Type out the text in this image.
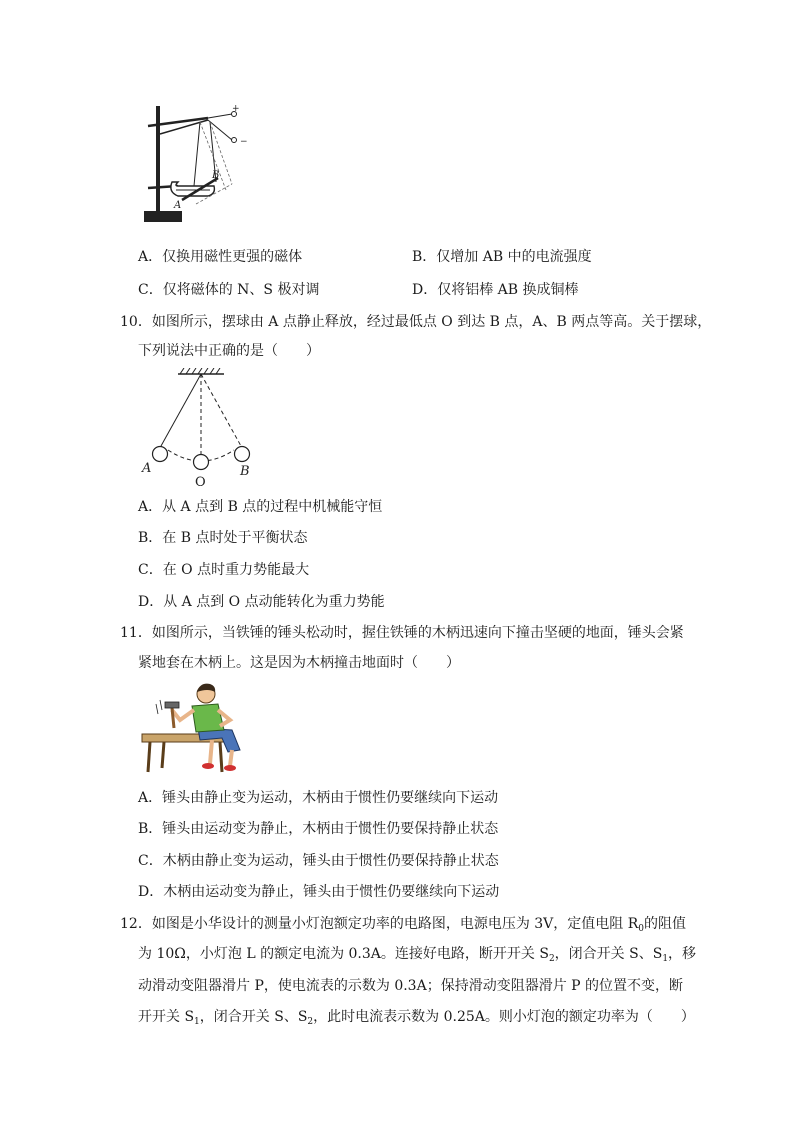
+
−
A
B
A．仅换用磁性更强的磁体	B．仅增加 AB 中的电流强度
C．仅将磁体的 N、S 极对调	D．仅将铝棒 AB 换成铜棒
10．如图所示，摆球由 A 点静止释放，经过最低点 O 到达 B 点，A、B 两点等高。关于摆球，
下列说法中正确的是（　　）
A
O
B
A．从 A 点到 B 点的过程中机械能守恒
B．在 B 点时处于平衡状态
C．在 O 点时重力势能最大
D．从 A 点到 O 点动能转化为重力势能
11．如图所示，当铁锤的锤头松动时，握住铁锤的木柄迅速向下撞击坚硬的地面，锤头会紧
紧地套在木柄上。这是因为木柄撞击地面时（　　）
A．锤头由静止变为运动，木柄由于惯性仍要继续向下运动
B．锤头由运动变为静止，木柄由于惯性仍要保持静止状态
C．木柄由静止变为运动，锤头由于惯性仍要保持静止状态
D．木柄由运动变为静止，锤头由于惯性仍要继续向下运动
12．如图是小华设计的测量小灯泡额定功率的电路图，电源电压为 3V，定值电阻 $R_0$的阻值
为 10Ω，小灯泡 L 的额定电流为 0.3A。连接好电路，断开开关 $S_2$，闭合开关 S、$S_1$，移
动滑动变阻器滑片 P，使电流表的示数为 0.3A；保持滑动变阻器滑片 P 的位置不变，断
开开关 $S_1$，闭合开关 S、$S_2$，此时电流表示数为 0.25A。则小灯泡的额定功率为（　　）
